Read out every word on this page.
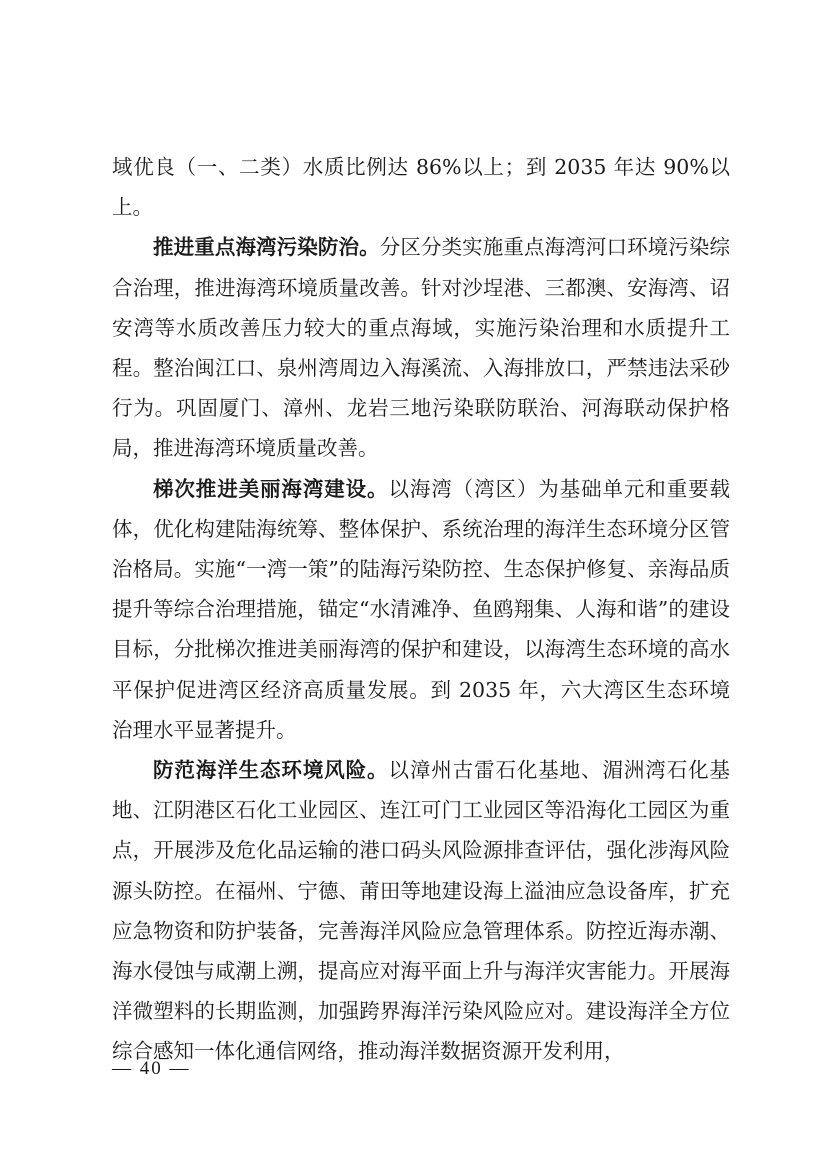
域优良（一、二类）水质比例达 86%以上；到 2035 年达 90%以上。

推进重点海湾污染防治。分区分类实施重点海湾河口环境污染综合治理，推进海湾环境质量改善。针对沙埕港、三都澳、安海湾、诏安湾等水质改善压力较大的重点海域，实施污染治理和水质提升工程。整治闽江口、泉州湾周边入海溪流、入海排放口，严禁违法采砂行为。巩固厦门、漳州、龙岩三地污染联防联治、河海联动保护格局，推进海湾环境质量改善。

梯次推进美丽海湾建设。以海湾（湾区）为基础单元和重要载体，优化构建陆海统筹、整体保护、系统治理的海洋生态环境分区管治格局。实施“一湾一策”的陆海污染防控、生态保护修复、亲海品质提升等综合治理措施，锚定“水清滩净、鱼鸥翔集、人海和谐”的建设目标，分批梯次推进美丽海湾的保护和建设，以海湾生态环境的高水平保护促进湾区经济高质量发展。到 2035 年，六大湾区生态环境治理水平显著提升。

防范海洋生态环境风险。以漳州古雷石化基地、湄洲湾石化基地、江阴港区石化工业园区、连江可门工业园区等沿海化工园区为重点，开展涉及危化品运输的港口码头风险源排查评估，强化涉海风险源头防控。在福州、宁德、莆田等地建设海上溢油应急设备库，扩充应急物资和防护装备，完善海洋风险应急管理体系。防控近海赤潮、海水侵蚀与咸潮上溯，提高应对海平面上升与海洋灾害能力。开展海洋微塑料的长期监测，加强跨界海洋污染风险应对。建设海洋全方位综合感知一体化通信网络，推动海洋数据资源开发利用，

— 40 —
